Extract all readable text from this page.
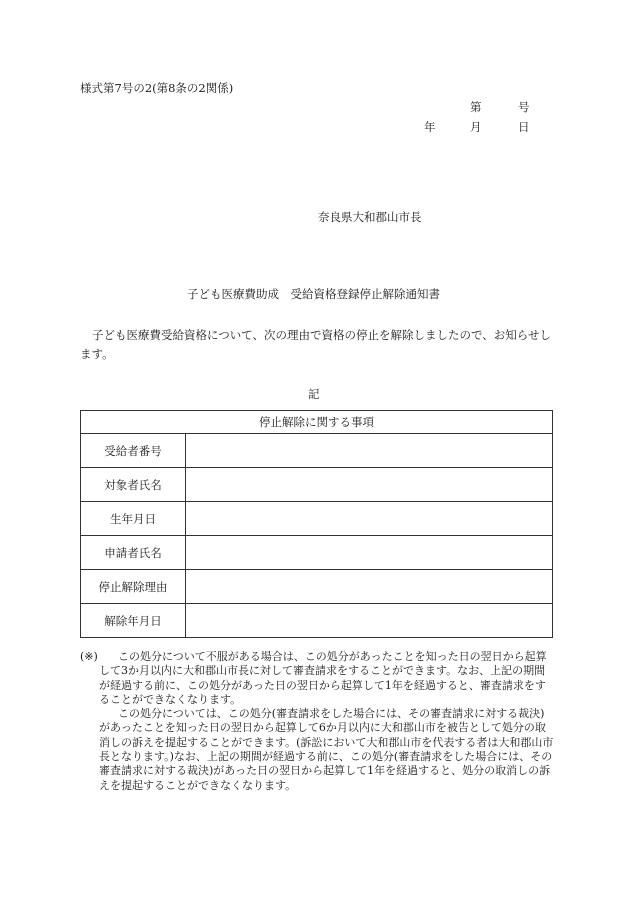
様式第7号の2(第8条の2関係)
第	号
年	月	日
奈良県大和郡山市長
子ども医療費助成　受給資格登録停止解除通知書
子ども医療費受給資格について、次の理由で資格の停止を解除しましたので、お知らせします。
記
停止解除に関する事項	
受給者番号	
対象者氏名	
生年月日	
申請者氏名	
停止解除理由	
解除年月日	
(※)	この処分について不服がある場合は、この処分があったことを知った日の翌日から起算して3か月以内に大和郡山市長に対して審査請求をすることができます。なお、上記の期間が経過する前に、この処分があった日の翌日から起算して1年を経過すると、審査請求をすることができなくなります。
この処分については、この処分(審査請求をした場合には、その審査請求に対する裁決)があったことを知った日の翌日から起算して6か月以内に大和郡山市を被告として処分の取消しの訴えを提起することができます。(訴訟において大和郡山市を代表する者は大和郡山市長となります。)なお、上記の期間が経過する前に、この処分(審査請求をした場合には、その審査請求に対する裁決)があった日の翌日から起算して1年を経過すると、処分の取消しの訴えを提起することができなくなります。
